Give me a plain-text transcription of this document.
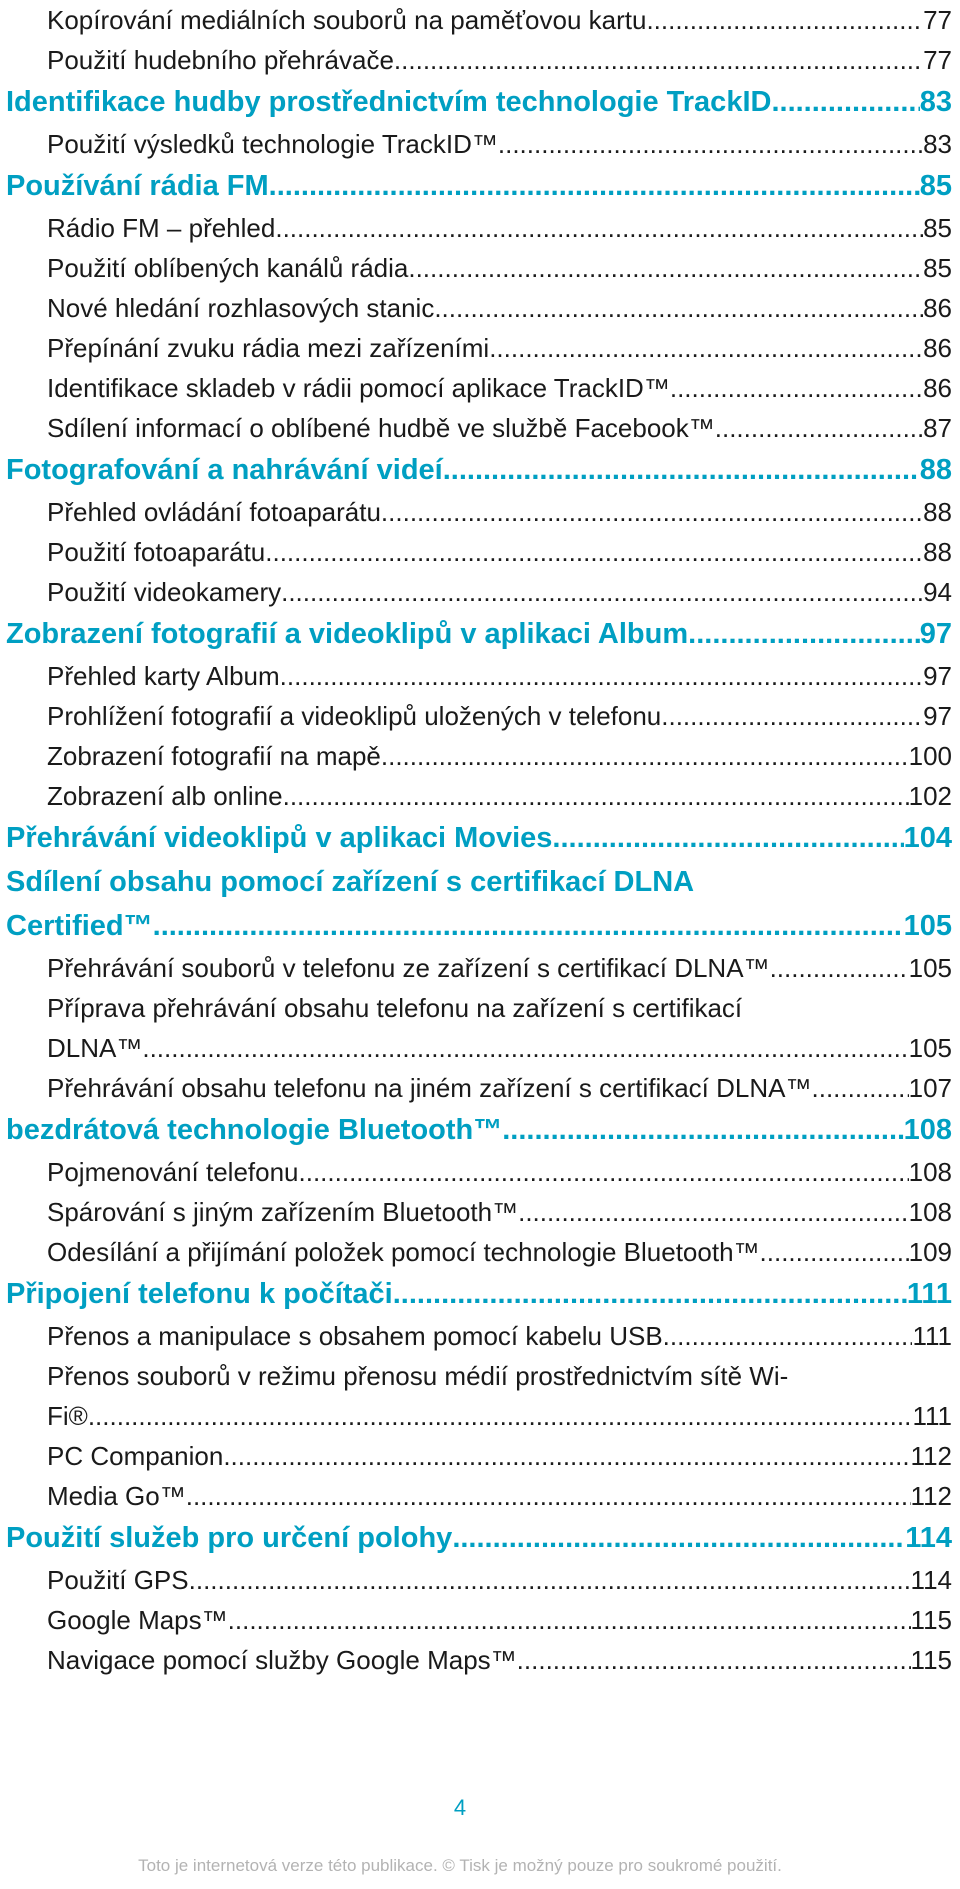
Kopírování mediálních souborů na paměťovou kartu .....	77
Použití hudebního přehrávače .....	77
Identifikace hudby prostřednictvím technologie TrackID .....	83
Použití výsledků technologie TrackID™ .....	83
Používání rádia FM .....	85
Rádio FM – přehled .....	85
Použití oblíbených kanálů rádia .....	85
Nové hledání rozhlasových stanic .....	86
Přepínání zvuku rádia mezi zařízeními .....	86
Identifikace skladeb v rádii pomocí aplikace TrackID™ .....	86
Sdílení informací o oblíbené hudbě ve službě Facebook™ .....	87
Fotografování a nahrávání videí .....	88
Přehled ovládání fotoaparátu .....	88
Použití fotoaparátu .....	88
Použití videokamery .....	94
Zobrazení fotografií a videoklipů v aplikaci Album .....	97
Přehled karty Album .....	97
Prohlížení fotografií a videoklipů uložených v telefonu .....	97
Zobrazení fotografií na mapě .....	100
Zobrazení alb online .....	102
Přehrávání videoklipů v aplikaci Movies .....	104
Sdílení obsahu pomocí zařízení s certifikací DLNA
Certified™ .....	105
Přehrávání souborů v telefonu ze zařízení s certifikací DLNA™ .....	105
Příprava přehrávání obsahu telefonu na zařízení s certifikací
DLNA™ .....	105
Přehrávání obsahu telefonu na jiném zařízení s certifikací DLNA™ .....	107
bezdrátová technologie Bluetooth™ .....	108
Pojmenování telefonu .....	108
Spárování s jiným zařízením Bluetooth™ .....	108
Odesílání a přijímání položek pomocí technologie Bluetooth™ .....	109
Připojení telefonu k počítači .....	111
Přenos a manipulace s obsahem pomocí kabelu USB .....	111
Přenos souborů v režimu přenosu médií prostřednictvím sítě Wi-
Fi® .....	111
PC Companion .....	112
Media Go™ .....	112
Použití služeb pro určení polohy .....	114
Použití GPS .....	114
Google Maps™ .....	115
Navigace pomocí služby Google Maps™ .....	115
4
Toto je internetová verze této publikace. © Tisk je možný pouze pro soukromé použití.
